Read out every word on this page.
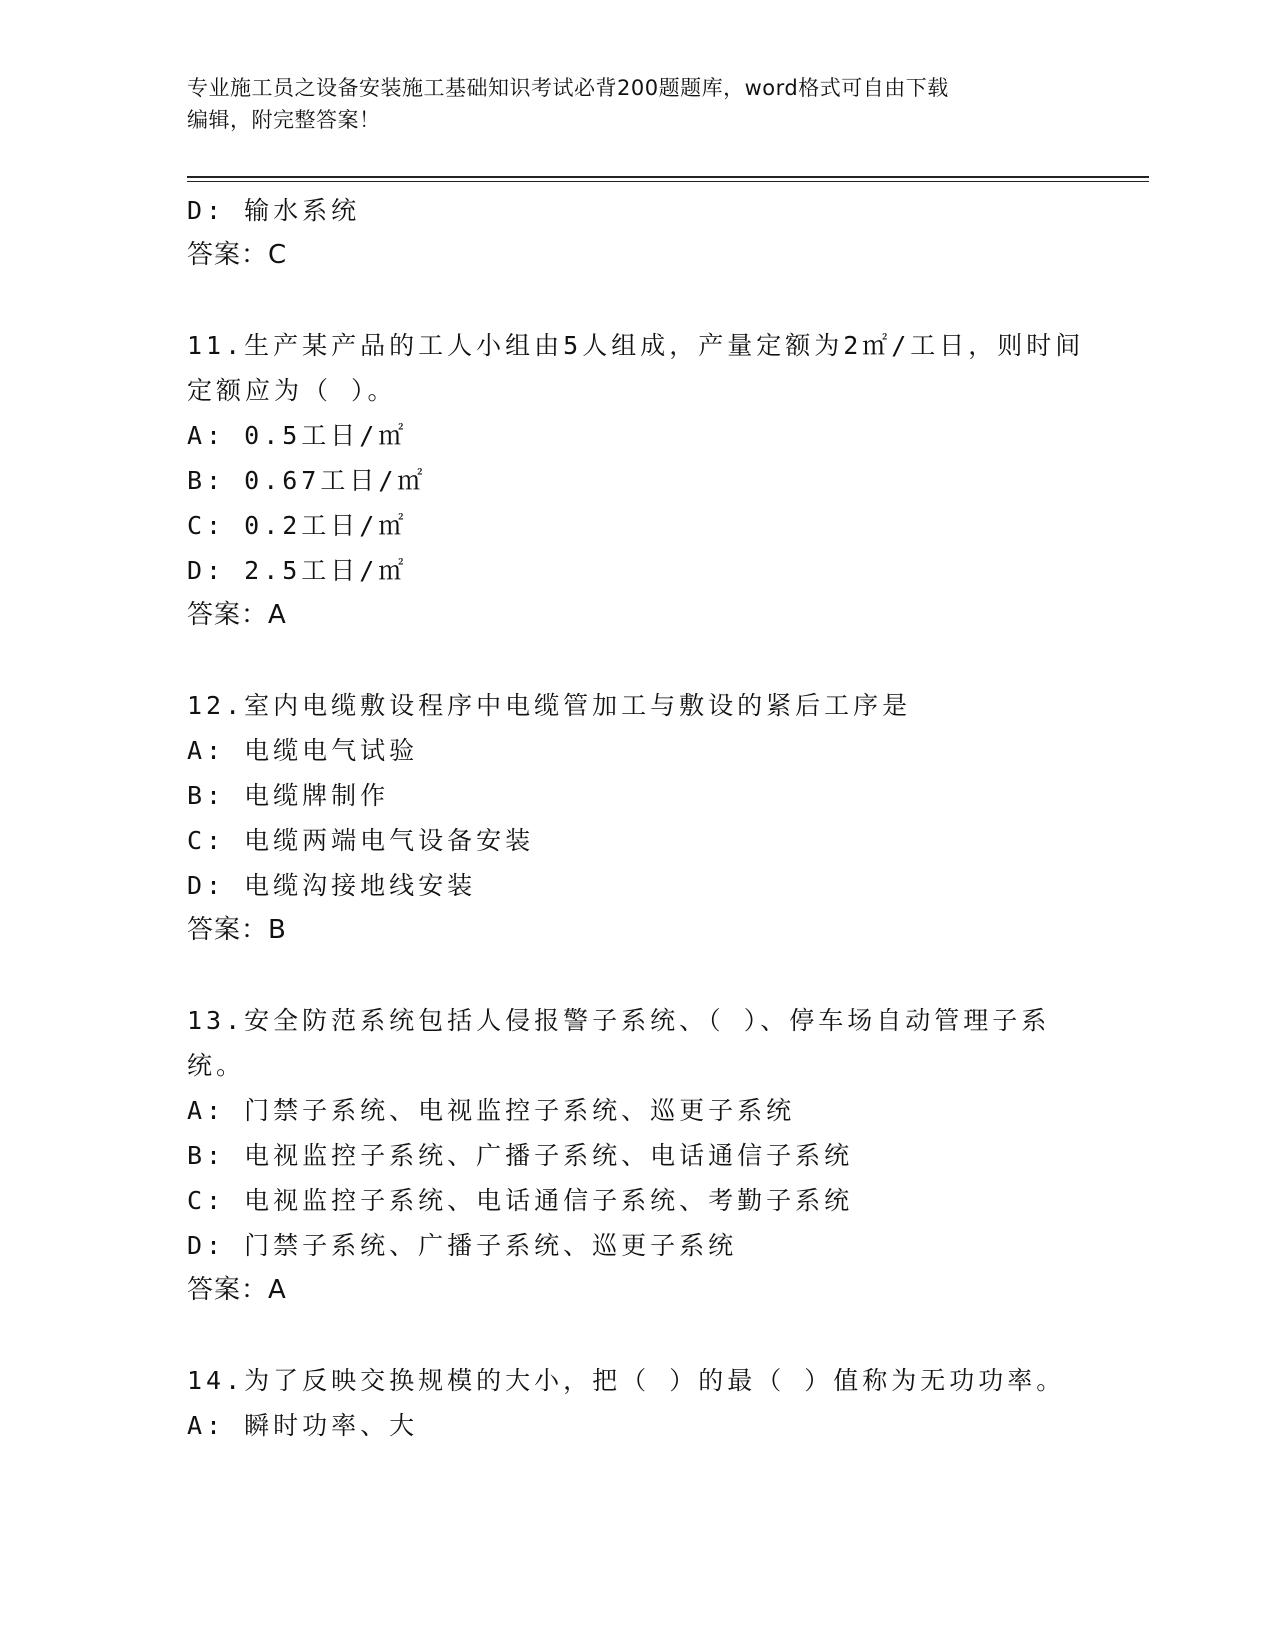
专业施工员之设备安装施工基础知识考试必背200题题库，word格式可自由下载
编辑，附完整答案！
D: 输水系统
答案：C
11.生产某产品的工人小组由5人组成，产量定额为2㎡/工日，则时间
定额应为（ ）。
A: 0.5工日/㎡
B: 0.67工日/㎡
C: 0.2工日/㎡
D: 2.5工日/㎡
答案：A
12.室内电缆敷设程序中电缆管加工与敷设的紧后工序是
A: 电缆电气试验
B: 电缆牌制作
C: 电缆两端电气设备安装
D: 电缆沟接地线安装
答案：B
13.安全防范系统包括人侵报警子系统、（ ）、停车场自动管理子系
统。
A: 门禁子系统、电视监控子系统、巡更子系统
B: 电视监控子系统、广播子系统、电话通信子系统
C: 电视监控子系统、电话通信子系统、考勤子系统
D: 门禁子系统、广播子系统、巡更子系统
答案：A
14.为了反映交换规模的大小，把（ ）的最（ ）值称为无功功率。
A: 瞬时功率、大
